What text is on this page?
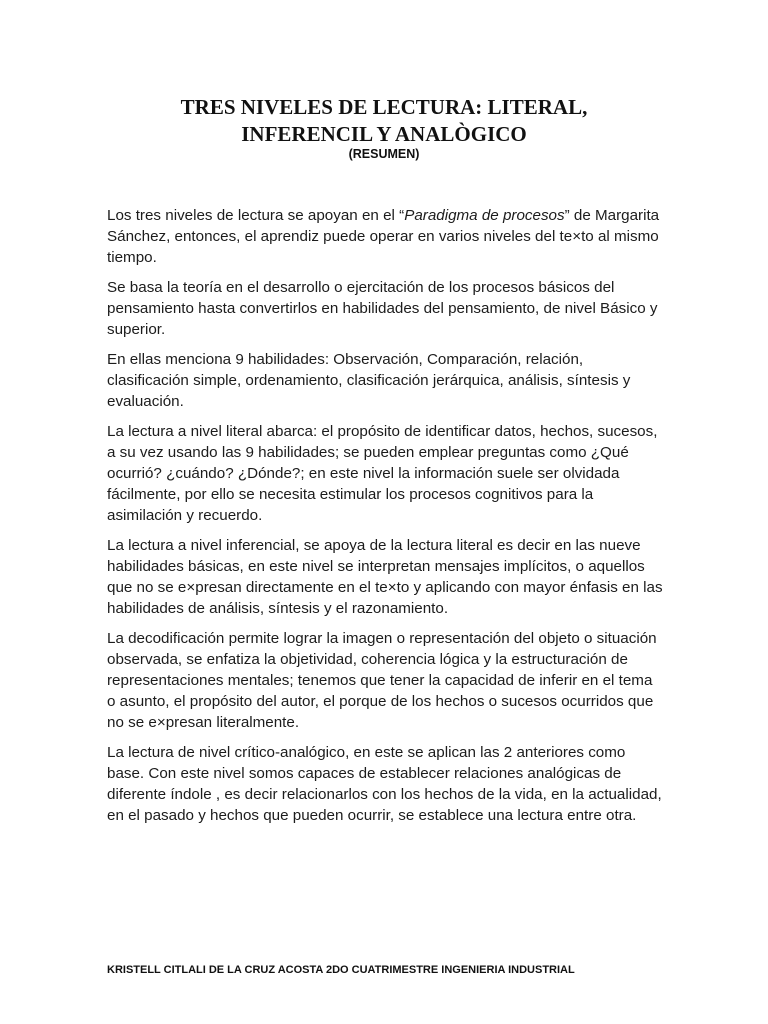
TRES NIVELES DE LECTURA: LITERAL,
INFERENCIL Y ANALÒGICO
(RESUMEN)

Los tres niveles de lectura se apoyan en el “Paradigma de procesos” de Margarita Sánchez, entonces, el aprendiz puede operar en varios niveles del te×to al mismo tiempo.

Se basa la teoría en el desarrollo o ejercitación de los procesos básicos del pensamiento hasta convertirlos en habilidades del pensamiento, de nivel Básico y superior.

En ellas menciona 9 habilidades: Observación, Comparación, relación, clasificación simple, ordenamiento, clasificación jerárquica, análisis, síntesis y evaluación.

La lectura a nivel literal abarca: el propósito de identificar datos, hechos, sucesos, a su vez usando las 9 habilidades; se pueden emplear preguntas como ¿Qué ocurrió? ¿cuándo? ¿Dónde?; en este nivel la información suele ser olvidada fácilmente, por ello se necesita estimular los procesos cognitivos para la asimilación y recuerdo.

La lectura a nivel inferencial, se apoya de la lectura literal es decir en las nueve habilidades básicas, en este nivel se interpretan mensajes implícitos, o aquellos que no se e×presan directamente en el te×to y aplicando con mayor énfasis en las habilidades de análisis, síntesis y el razonamiento.

La decodificación permite lograr la imagen o representación del objeto o situación observada, se enfatiza la objetividad, coherencia lógica y la estructuración de representaciones mentales; tenemos que tener la capacidad de inferir en el tema o asunto, el propósito del autor, el porque de los hechos o sucesos ocurridos que no se e×presan literalmente.

La lectura de nivel crítico-analógico, en este se aplican las 2 anteriores como base. Con este nivel somos capaces de establecer relaciones analógicas de diferente índole , es decir relacionarlos con los hechos de la vida, en la actualidad, en el pasado y hechos que pueden ocurrir, se establece una lectura entre otra.

KRISTELL CITLALI DE LA CRUZ ACOSTA 2DO CUATRIMESTRE INGENIERIA INDUSTRIAL
